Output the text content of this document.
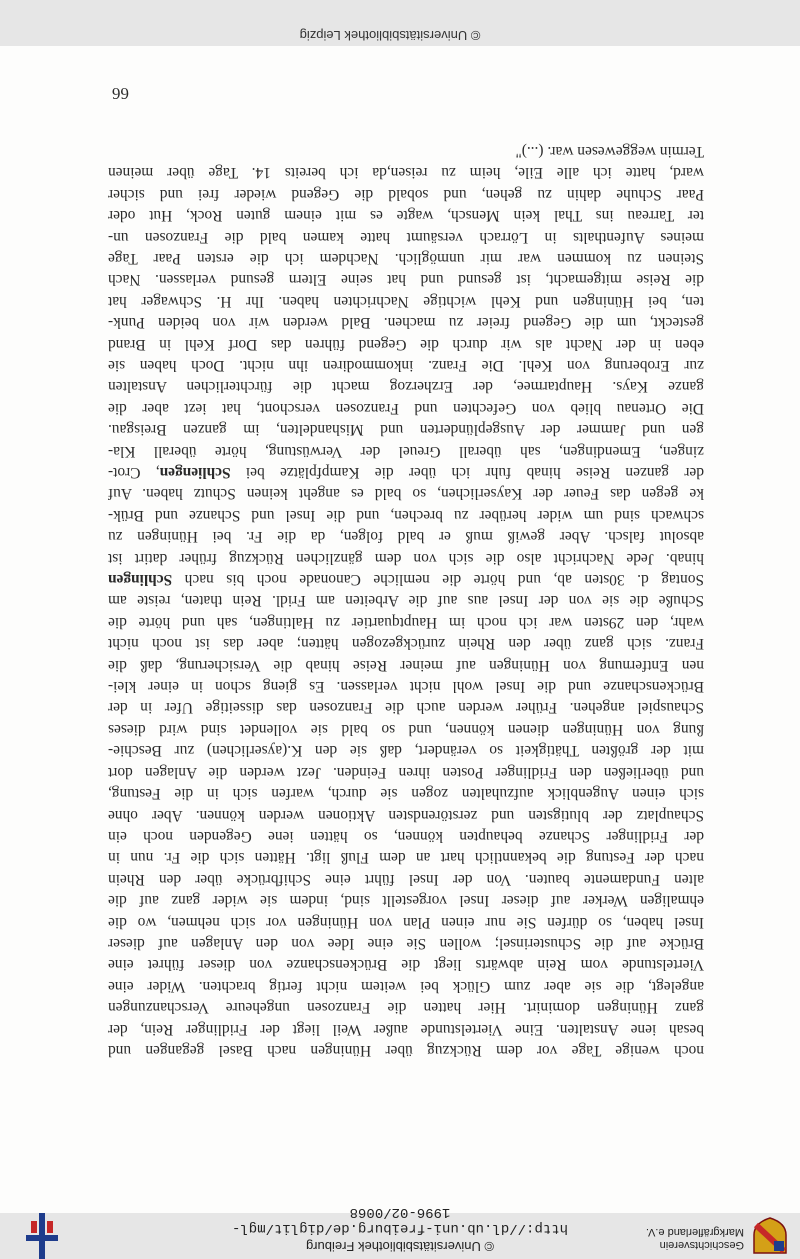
Geschichtsverein
Markgräflerland e.V.
© Universitätsbibliothek Freiburg
http://dl.ub.uni-freiburg.de/diglit/mgl-1996-02/0068
noch wenige Tage vor dem Rückzug über Hüningen nach Basel gegangen und
besah iene Anstalten. Eine Viertelstunde außer Weil liegt der Fridlinger Rein, der
ganz Hüningen dominirt. Hier hatten die Franzosen ungeheure Verschanzungen
angelegt, die sie aber zum Glück bei weitem nicht fertig brachten. Wider eine
Viertelstunde vom Rein abwärts liegt die Brückenschanze von dieser führet eine
Brücke auf die Schusterinsel; wollen Sie eine Idee von den Anlagen auf dieser
Insel haben, so dürfen Sie nur einen Plan von Hüningen vor sich nehmen, wo die
ehmaligen Werker auf dieser Insel vorgestellt sind, indem sie wider ganz auf die
alten Fundamente bauten. Von der Insel führt eine Schifbrücke über den Rhein
nach der Festung die bekanntlich hart an dem Fluß ligt. Hätten sich die Fr. nun in
der Fridlinger Schanze behaupten können, so hätten iene Gegenden noch ein
Schauplatz der blutigsten und zerstörendsten Aktionen werden können. Aber ohne
sich einen Augenblick aufzuhalten zogen sie durch, warfen sich in die Festung,
und überließen den Fridlinger Posten ihren Feinden. Jezt werden die Anlagen dort
mit der größten Thätigkeit so verändert, daß sie den K.(ayserlichen) zur Beschie-
ßung von Hüningen dienen können, und so bald sie vollendet sind wird dieses
Schauspiel angehen. Früher werden auch die Franzosen das disseitige Ufer in der
Brückenschanze und die Insel wohl nicht verlassen. Es gieng schon in einer klei-
nen Entfernung von Hüningen auf meiner Reise hinab die Versicherung, daß die
Franz. sich ganz über den Rhein zurückgezogen hätten; aber das ist noch nicht
wahr, den 29sten war ich noch im Hauptquartier zu Haltingen, sah und hörte die
Schuße die sie von der Insel aus auf die Arbeiten am Fridl. Rein thaten, reiste am
Sontag d. 30sten ab, und hörte die nemliche Canonade noch bis nach Schlingen
hinab. Jede Nachricht also die sich von dem gänzlichen Rückzug früher datirt ist
absolut falsch. Aber gewiß muß er bald folgen, da die Fr. bei Hüningen zu
schwach sind um wider herüber zu brechen, und die Insel und Schanze und Brük-
ke gegen das Feuer der Kayserlichen, so bald es angeht keinen Schutz haben. Auf
der ganzen Reise hinab fuhr ich über die Kampfplätze bei Schliengen, Crot-
zingen, Emendingen, sah überall Greuel der Verwüstung, hörte überall Kla-
gen und Jammer der Ausgeplünderten und Mishandelten, im ganzen Breisgau.
Die Ortenau blieb von Gefechten und Franzosen verschont, hat iezt aber die
ganze Kays. Hauptarmee, der Erzherzog macht die fürchterlichen Anstalten
zur Eroberung von Kehl. Die Franz. inkommodiren ihn nicht. Doch haben sie
eben in der Nacht als wir durch die Gegend führen das Dorf Kehl in Brand
gesteckt, um die Gegend freier zu machen. Bald werden wir von beiden Punk-
ten, bei Hüningen und Kehl wichtige Nachrichten haben. Ihr H. Schwager hat
die Reise mitgemacht, ist gesund und hat seine Eltern gesund verlassen. Nach
Steinen zu kommen war mir unmöglich. Nachdem ich die ersten Paar Tage
meines Aufenthalts in Lörrach versäumt hatte kamen bald die Franzosen un-
ter Tarreau ins Thal kein Mensch, wagte es mit einem guten Rock, Hut oder
Paar Schuhe dahin zu gehen, und sobald die Gegend wieder frei und sicher
ward, hatte ich alle Eile, heim zu reisen,da ich bereits 14. Tage über meinen
Termin weggewesen war. (...)"
66
© Universitätsbibliothek Leipzig
